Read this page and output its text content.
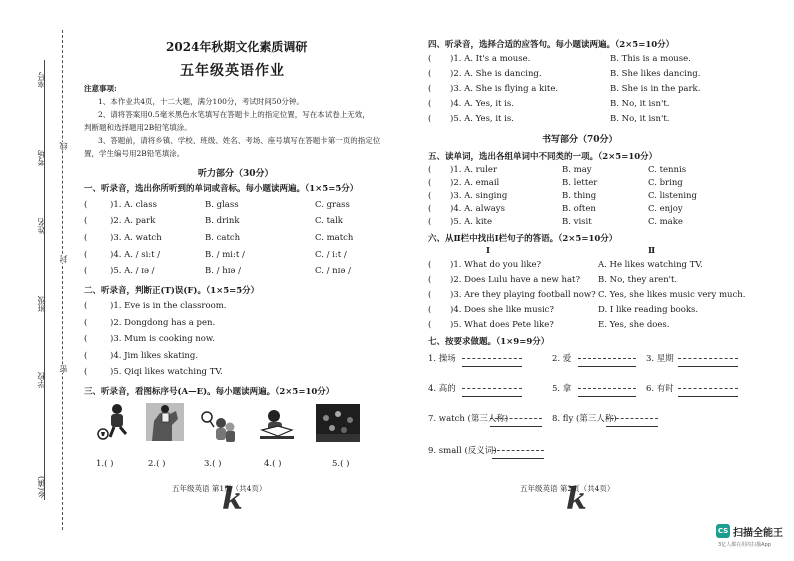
座号
考场
姓名
班级
学校
乡(镇)
线
封
密
2024年秋期文化素质调研
五年级英语作业
注意事项:
1、本作业共4页，十二大题，满分100分，考试时间50分钟。
2、请将答案用0.5毫米黑色水笔填写在答题卡上的指定位置，写在本试卷上无效，
判断题和选择题用2B铅笔填涂。
3、答题前，请将乡镇、学校、班级、姓名、考场、座号填写在答题卡第一页的指定位
置，学生编号用2B铅笔填涂。
听力部分（30分）
一、听录音，选出你所听到的单词或音标。每小题读两遍。（1×5=5分）
(	)1. A. class	B. glass	C. grass
(	)2. A. park	B. drink	C. talk
(	)3. A. watch	B. catch	C. match
(	)4. A. / si:t /	B. / mi:t /	C. / i:t /
(	)5. A. / ɪə /	B. / hɪə /	C. / nɪə /
二、听录音，判断正(T)误(F)。（1×5=5分）
(	)1. Eve is in the classroom.
(	)2. Dongdong has a pen.
(	)3. Mum is cooking now.
(	)4. Jim likes skating.
(	)5. Qiqi likes watching TV.
三、听录音，看图标序号(A—E)。每小题读两遍。（2×5=10分）
1.( )	2.( )	3.( )	4.( )	5.( )
五年级英语 第1页（共4页）
k
四、听录音，选择合适的应答句。每小题读两遍。（2×5=10分）
( )1. A. It's a mouse.	B. This is a mouse.
( )2. A. She is dancing.	B. She likes dancing.
( )3. A. She is flying a kite.	B. She is in the park.
( )4. A. Yes, it is.	B. No, it isn't.
( )5. A. Yes, it is.	B. No, it isn't.
书写部分（70分）
五、读单词，选出各组单词中不同类的一项。（2×5=10分）
( )1. A. ruler	B. may	C. tennis
( )2. A. email	B. letter	C. bring
( )3. A. singing	B. thing	C. listening
( )4. A. always	B. often	C. enjoy
( )5. A. kite	B. visit	C. make
六、从Ⅱ栏中找出Ⅰ栏句子的答语。（2×5=10分）
Ⅰ	Ⅱ
( )1. What do you like?	A. He likes watching TV.
( )2. Does Lulu have a new hat? B. No, they aren't.
( )3. Are they playing football now? C. Yes, she likes music very much.
( )4. Does she like music?	D. I like reading books.
( )5. What does Pete like?	E. Yes, she does.
七、按要求做题。（1×9=9分）
1. 操场	2. 爱	3. 星期
4. 高的	5. 拿	6. 有时
7. watch (第三人称)	8. fly (第三人称)
9. small (反义词)
五年级英语 第2页（共4页）
k
CS 扫描全能王
3亿人都在用的扫描App
